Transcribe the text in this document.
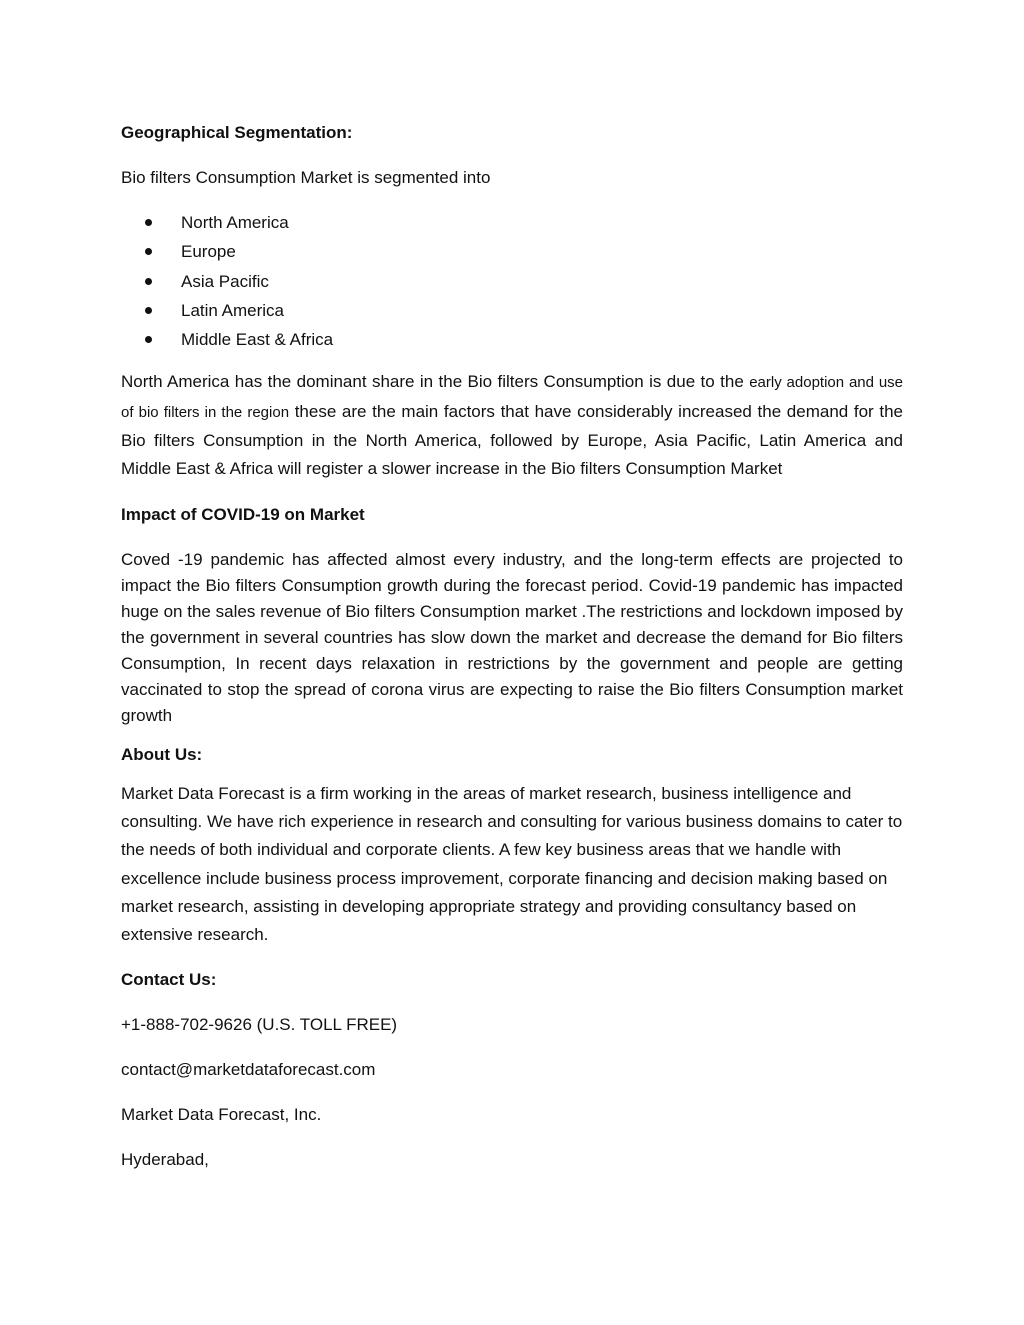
Geographical Segmentation:

Bio filters Consumption Market is segmented into

North America
Europe
Asia Pacific
Latin America
Middle East & Africa

North America has the dominant share in the Bio filters Consumption is due to the early adoption and use of bio filters in the region these are the main factors that have considerably increased the demand for the Bio filters Consumption in the North America, followed by Europe, Asia Pacific, Latin America and Middle East & Africa will register a slower increase in the Bio filters Consumption Market

Impact of COVID-19 on Market

Coved -19 pandemic has affected almost every industry, and the long-term effects are projected to impact the Bio filters Consumption growth during the forecast period. Covid-19 pandemic has impacted huge on the sales revenue of Bio filters Consumption market .The restrictions and lockdown imposed by the government in several countries has slow down the market and decrease the demand for Bio filters Consumption, In recent days relaxation in restrictions by the government and people are getting vaccinated to stop the spread of corona virus are expecting to raise the Bio filters Consumption market growth

About Us:

Market Data Forecast is a firm working in the areas of market research, business intelligence and consulting. We have rich experience in research and consulting for various business domains to cater to the needs of both individual and corporate clients. A few key business areas that we handle with excellence include business process improvement, corporate financing and decision making based on market research, assisting in developing appropriate strategy and providing consultancy based on extensive research.

Contact Us:

+1-888-702-9626 (U.S. TOLL FREE)

contact@marketdataforecast.com

Market Data Forecast, Inc.

Hyderabad,
